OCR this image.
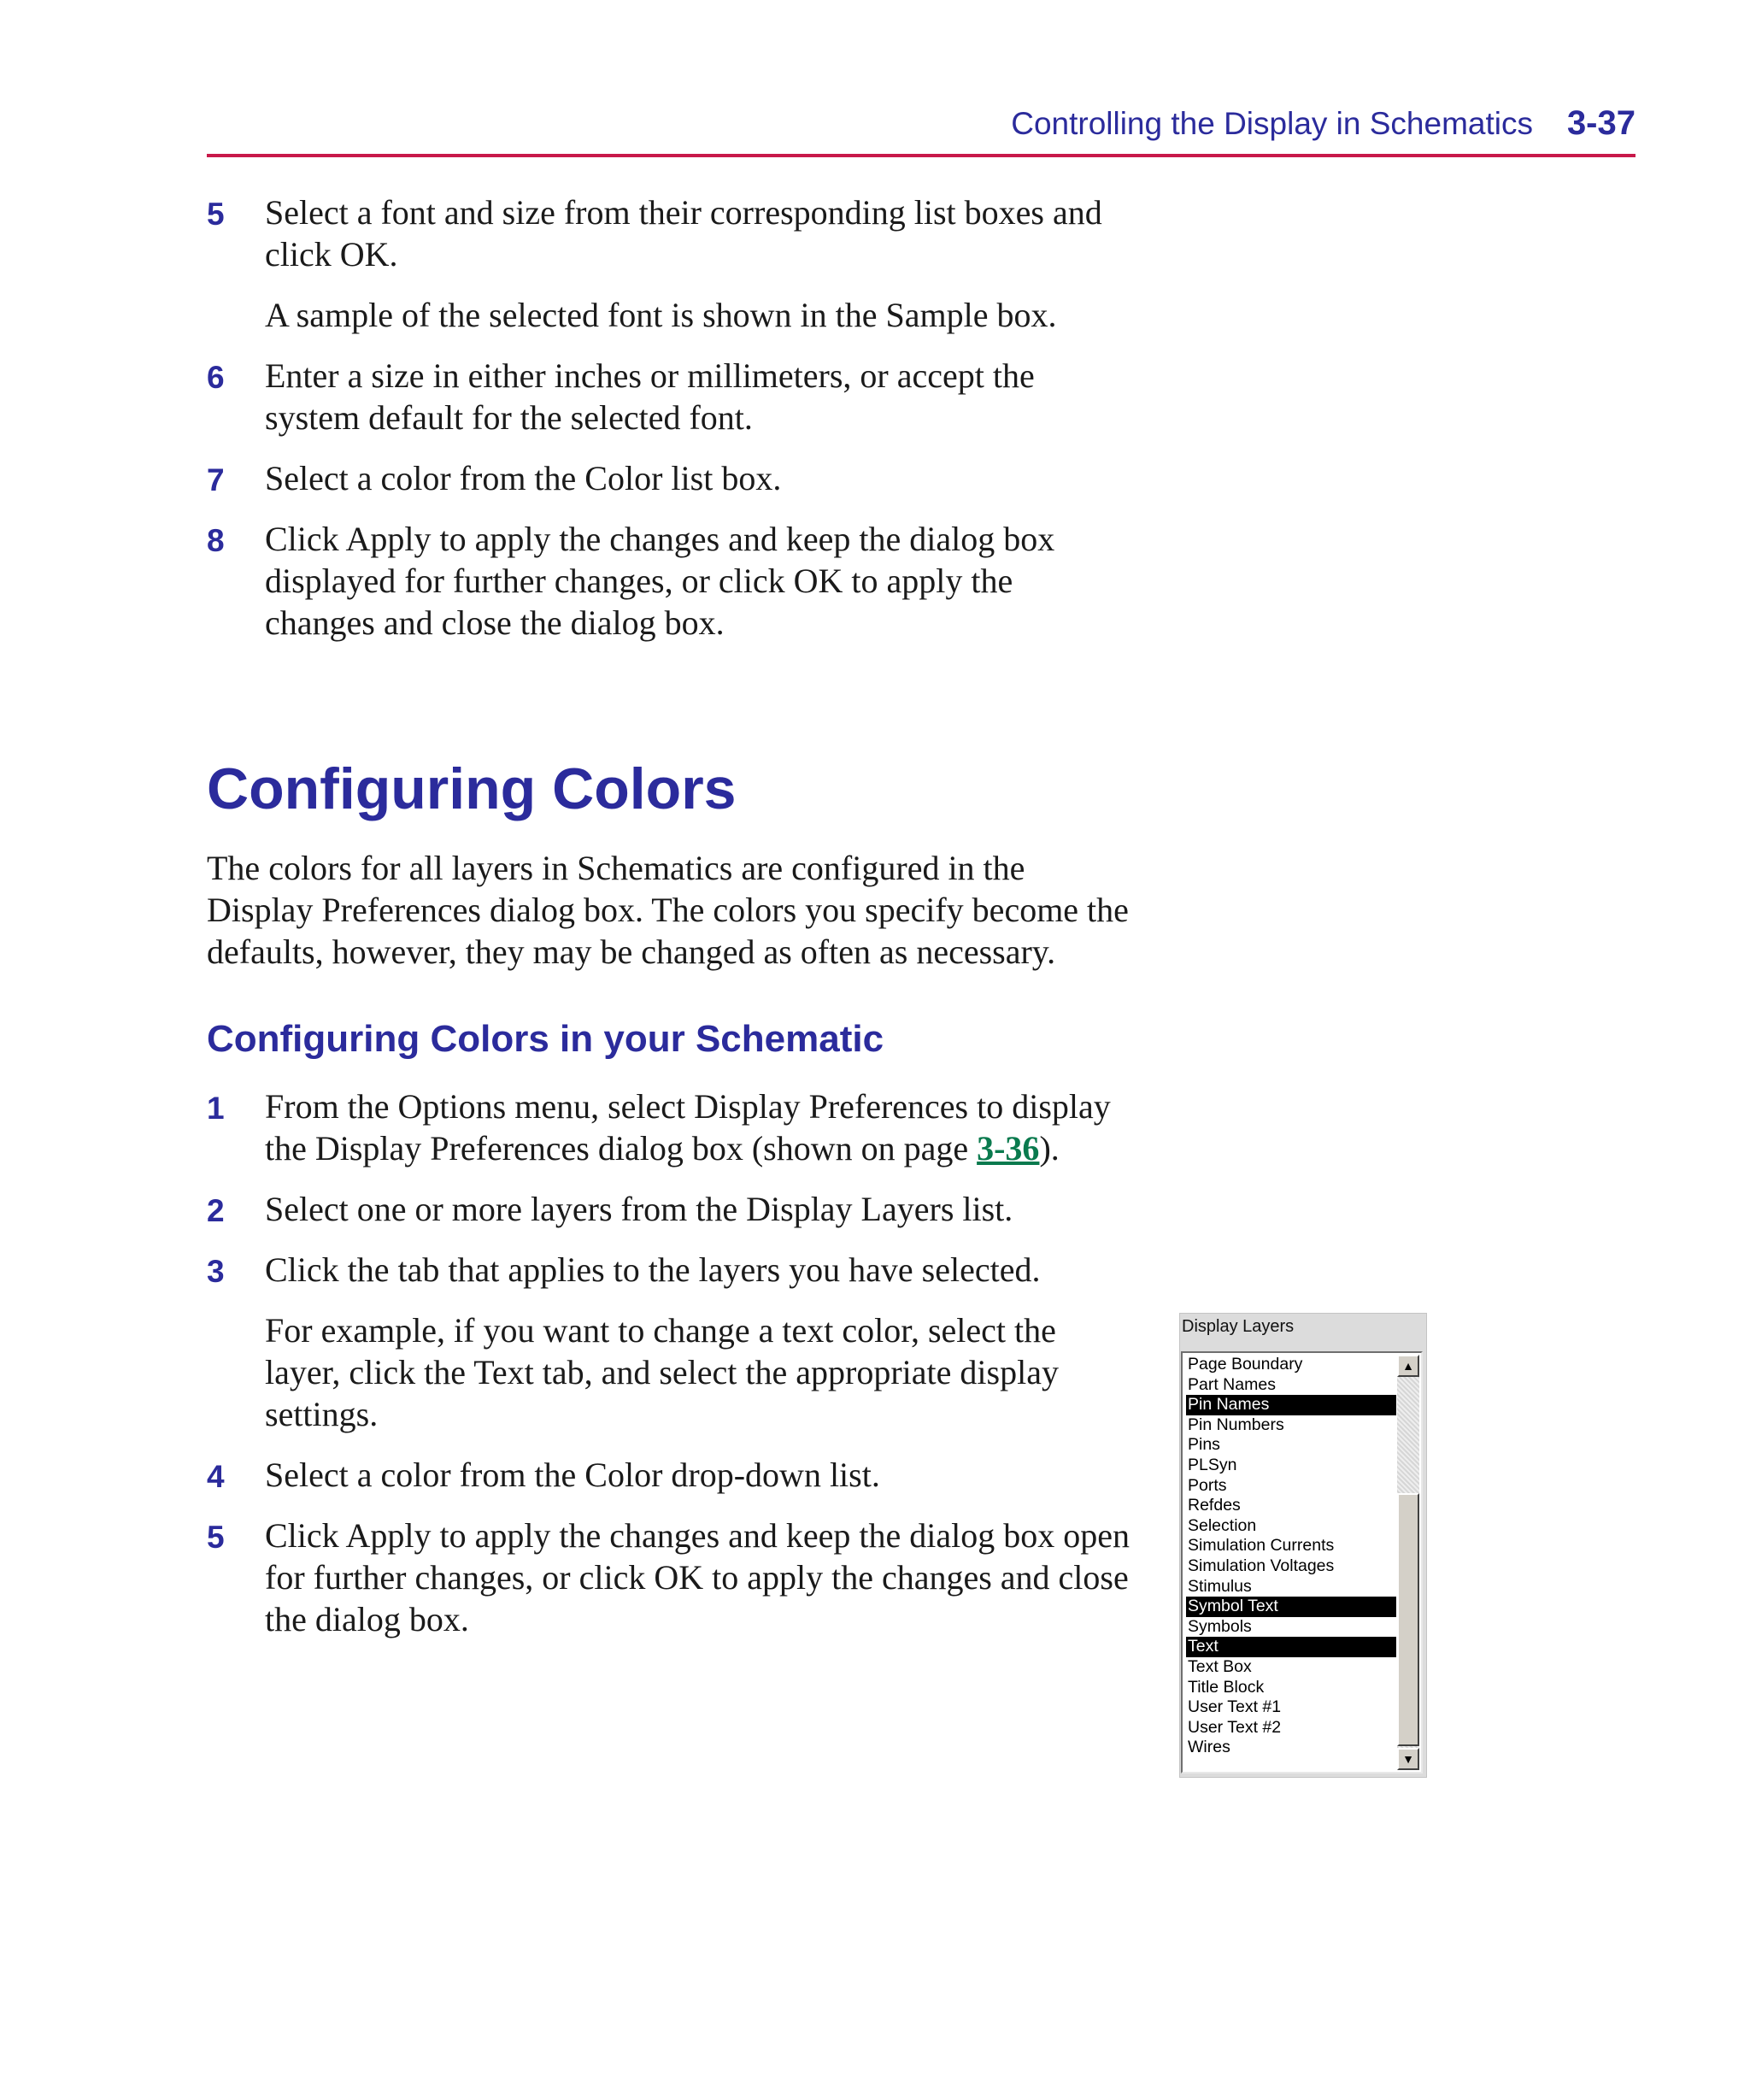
Controlling the Display in Schematics 3-37
5 Select a font and size from their corresponding list boxes and click OK.
A sample of the selected font is shown in the Sample box.
6 Enter a size in either inches or millimeters, or accept the system default for the selected font.
7 Select a color from the Color list box.
8 Click Apply to apply the changes and keep the dialog box displayed for further changes, or click OK to apply the changes and close the dialog box.
Configuring Colors
The colors for all layers in Schematics are configured in the Display Preferences dialog box. The colors you specify become the defaults, however, they may be changed as often as necessary.
Configuring Colors in your Schematic
1 From the Options menu, select Display Preferences to display the Display Preferences dialog box (shown on page 3-36).
2 Select one or more layers from the Display Layers list.
3 Click the tab that applies to the layers you have selected.
For example, if you want to change a text color, select the layer, click the Text tab, and select the appropriate display settings.
4 Select a color from the Color drop-down list.
5 Click Apply to apply the changes and keep the dialog box open for further changes, or click OK to apply the changes and close the dialog box.
Display Layers
Page Boundary
Part Names
Pin Names
Pin Numbers
Pins
PLSyn
Ports
Refdes
Selection
Simulation Currents
Simulation Voltages
Stimulus
Symbol Text
Symbols
Text
Text Box
Title Block
User Text #1
User Text #2
Wires
▲
▼
